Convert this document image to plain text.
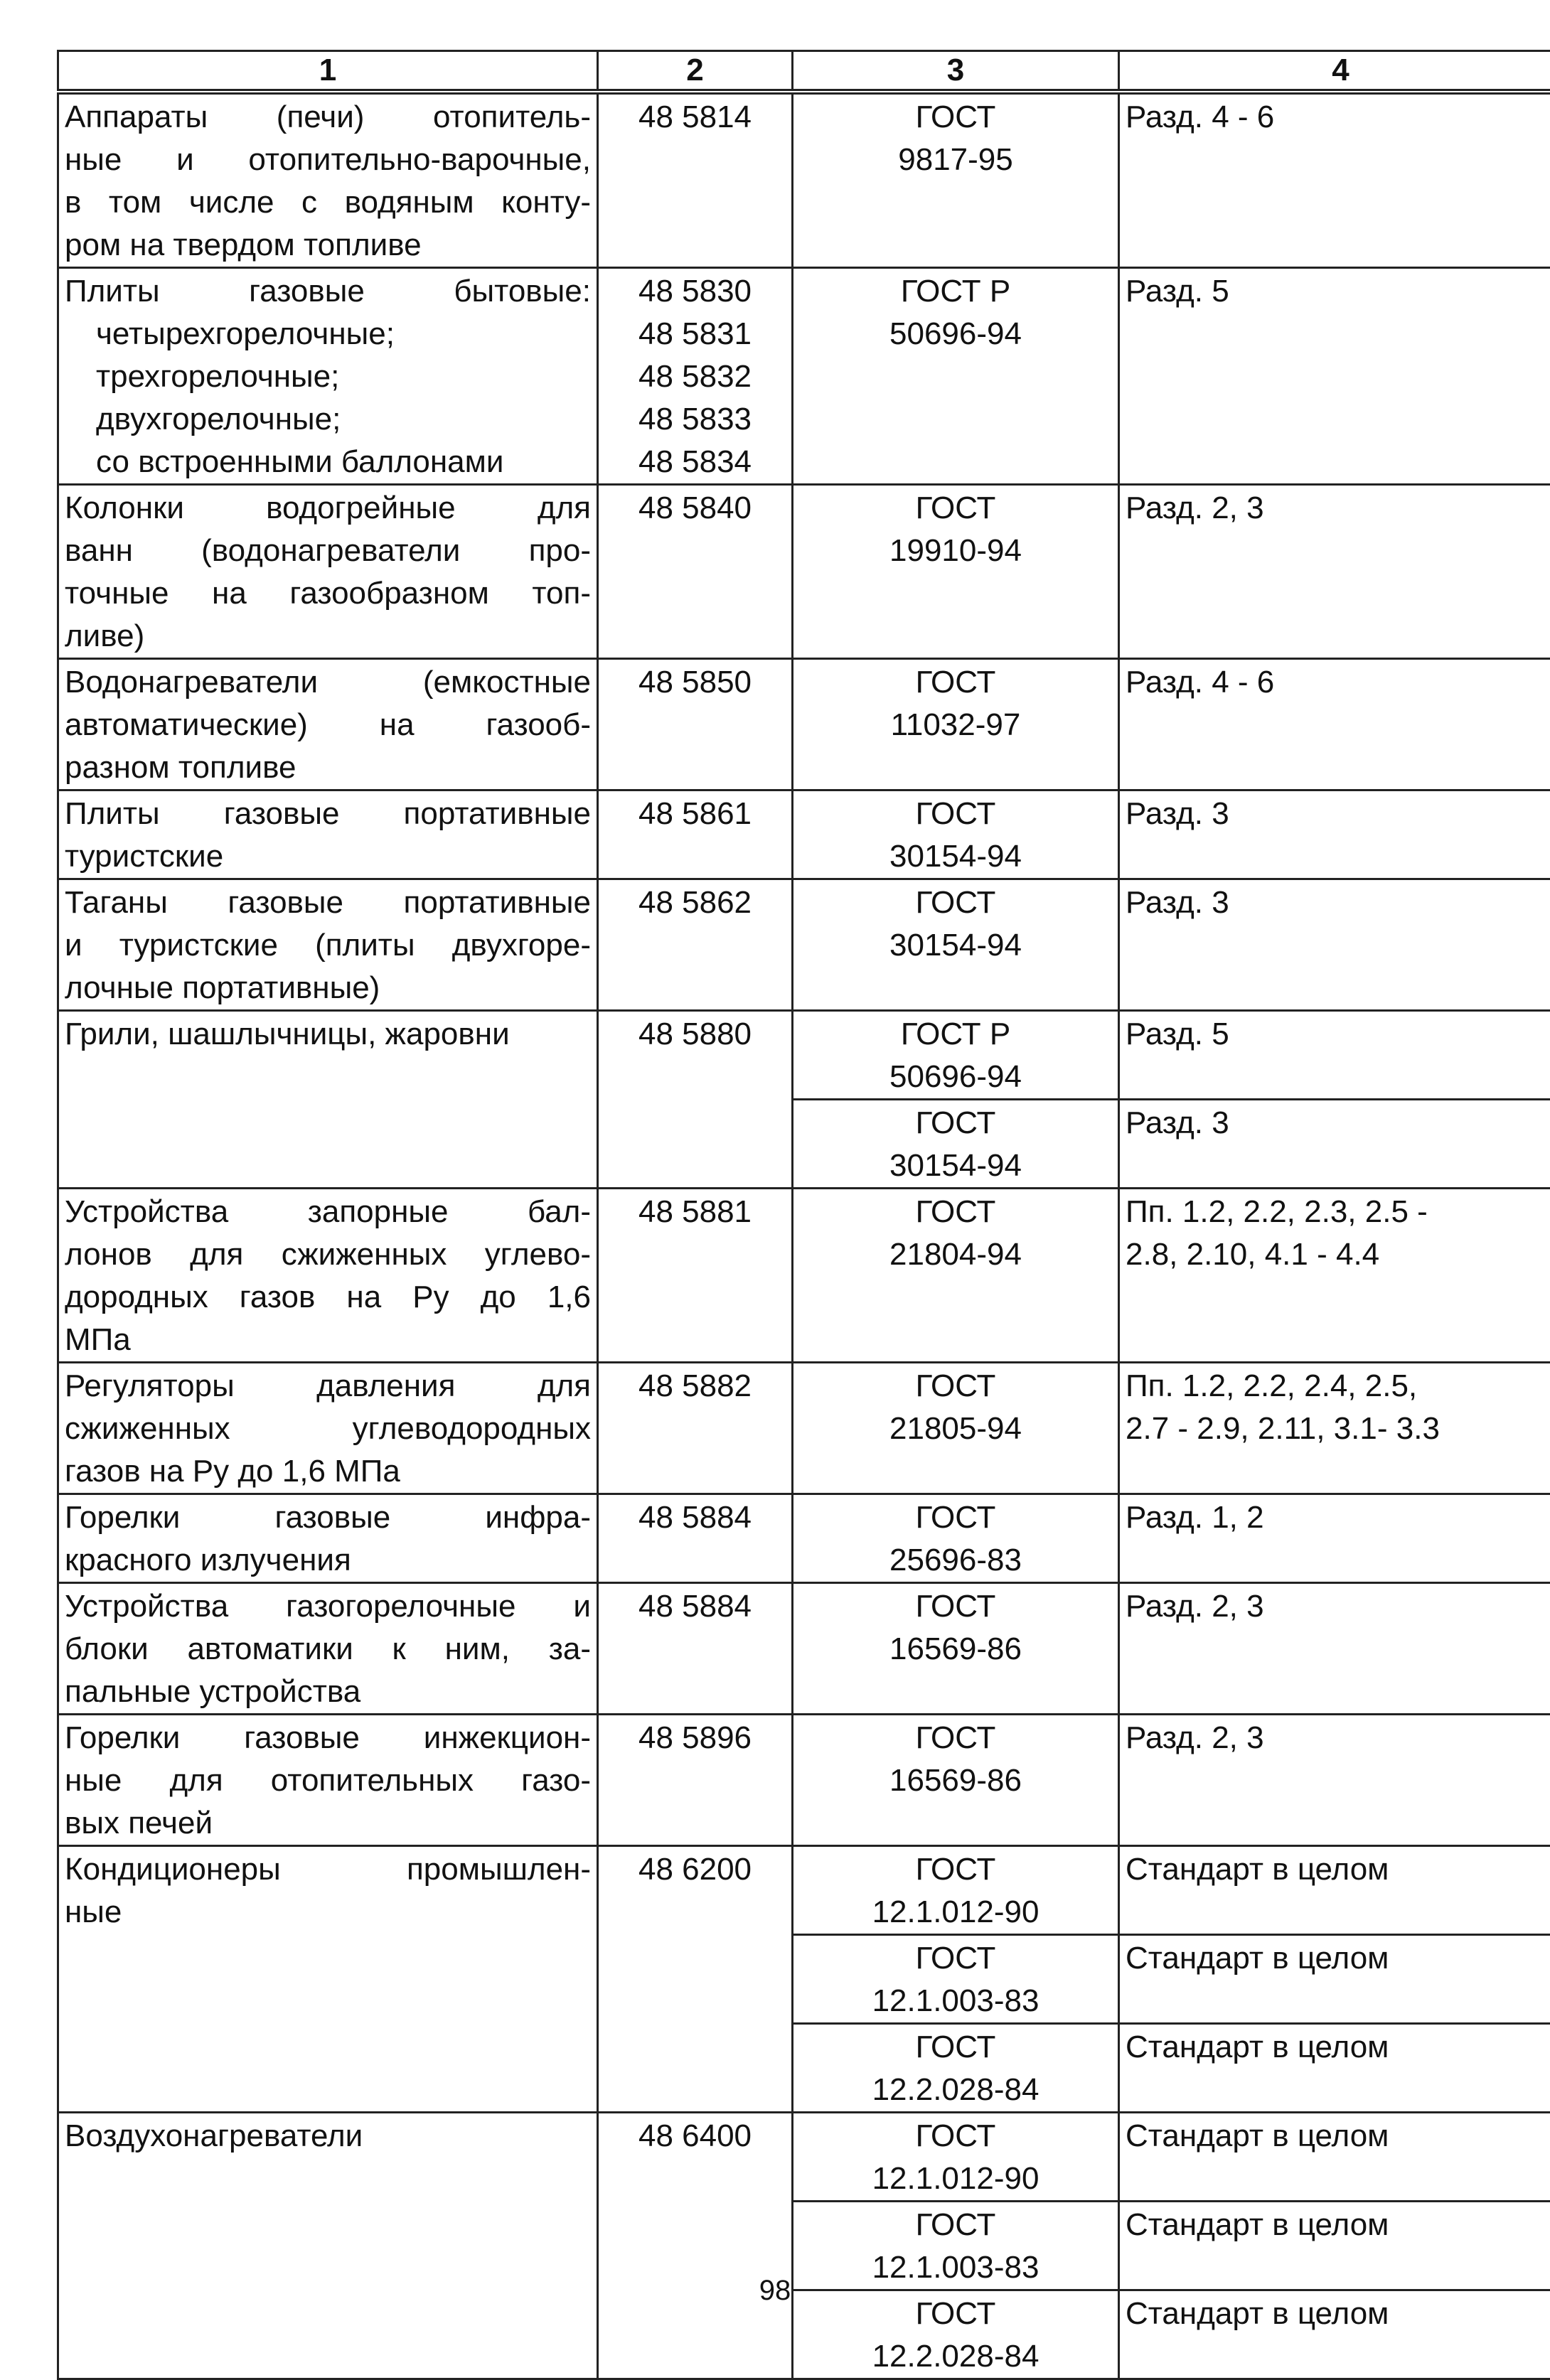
1	2	3	4

Аппараты (печи) отопитель-
ные и отопительно-варочные,
в том числе с водяным конту-
ром на твердом топливе	48 5814	ГОСТ
9817-95	Разд. 4 - 6

Плиты газовые бытовые:
четырехгорелочные;
трехгорелочные;
двухгорелочные;
со встроенными баллонами	48 5830
48 5831
48 5832
48 5833
48 5834	ГОСТ Р
50696-94	Разд. 5

Колонки водогрейные для
ванн (водонагреватели про-
точные на газообразном топ-
ливе)	48 5840	ГОСТ
19910-94	Разд. 2, 3

Водонагреватели (емкостные
автоматические) на газооб-
разном топливе	48 5850	ГОСТ
11032-97	Разд. 4 - 6

Плиты газовые портативные
туристские	48 5861	ГОСТ
30154-94	Разд. 3

Таганы газовые портативные
и туристские (плиты двухгоре-
лочные портативные)	48 5862	ГОСТ
30154-94	Разд. 3

Грили, шашлычницы, жаровни	48 5880	ГОСТ Р
50696-94	Разд. 5

		ГОСТ
30154-94	Разд. 3

Устройства запорные бал-
лонов для сжиженных углево-
дородных газов на Pу до 1,6
МПа	48 5881	ГОСТ
21804-94	Пп. 1.2, 2.2, 2.3, 2.5 -
2.8, 2.10, 4.1 - 4.4

Регуляторы давления для
сжиженных углеводородных
газов на Pу до 1,6 МПа	48 5882	ГОСТ
21805-94	Пп. 1.2, 2.2, 2.4, 2.5,
2.7 - 2.9, 2.11, 3.1- 3.3

Горелки газовые инфра-
красного излучения	48 5884	ГОСТ
25696-83	Разд. 1, 2

Устройства газогорелочные и
блоки автоматики к ним, за-
пальные устройства	48 5884	ГОСТ
16569-86	Разд. 2, 3

Горелки газовые инжекцион-
ные для отопительных газо-
вых печей	48 5896	ГОСТ
16569-86	Разд. 2, 3

Кондиционеры промышлен-
ные	48 6200	ГОСТ
12.1.012-90	Стандарт в целом

		ГОСТ
12.1.003-83	Стандарт в целом

		ГОСТ
12.2.028-84	Стандарт в целом

Воздухонагреватели	48 6400	ГОСТ
12.1.012-90	Стандарт в целом

		ГОСТ
12.1.003-83	Стандарт в целом

		ГОСТ
12.2.028-84	Стандарт в целом
98
